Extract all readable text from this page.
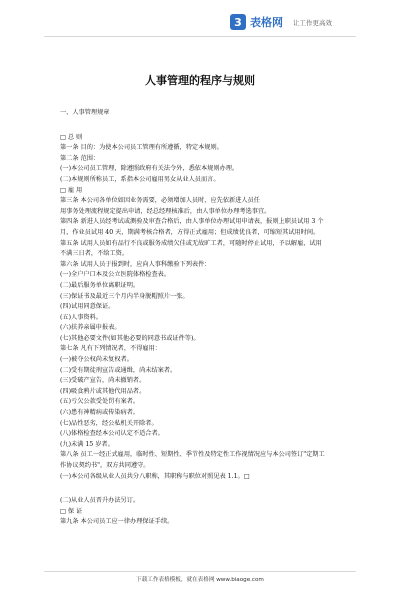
3 表格网 让工作更高效
人事管理的程序与规则

一、人事管理规章

□ 总 则

第一条 目的：为使本公司员工管理有所遵循，特定本规则。

第二条 范围：

(一)本公司员工管理，除遵照政府有关法令外，悉依本规则办理。

(二)本规则所称员工，系指本公司雇用男女从业人员而言。

□ 雇 用

第三条 本公司各单位如因业务需要，必须增加人员时，应先依新进人员任

用事务处理流程规定提出申请，经总经理核准后，由人事单位办理考选事宜。

第四条 新进人员经考试或测验及审查合格后，由人事单位办理试用申请表，报则上职员试用 3 个

月，作业员试用 40 天，期满考核合格者，方得正式雇用；但成绩优良者，可缩短其试用时间。

第五条 试用人员如有品行不良或服务成绩欠佳或无故旷工者，可随时停止试用，予以解雇，试用

不满三日者，不给工资。

第六条 试用人员于报到时，应向人事科缴验下列表件：

(一)全户户口本及公立医院体格检查表。

(二)最后服务单位离职证明。

(三)保证书及最近三个月内半身脱帽照片一张。

(四)试用同意保证。

(五)人事资料。

(六)扶养亲属申报表。

(七)其他必要文件(如其他必要的同意书或证件等)。

第七条 凡有下列情况者，不得雇用：

(一)被夺公权尚未复权者。

(二)受有期徒刑宣告或通缉，尚未结案者。

(三)受破产宣告，尚未撤销者。

(四)吸食鸦片或其他代用品者。

(五)亏欠公款受处罚有案者。

(六)患有神精病或传染病者。

(七)品性恶劣，经公私机关开除者。

(八)体格检查经本公司认定不适合者。

(九)未满 15 岁者。

第八条 员工一经正式雇用，临时性、短期性、季节性及特定性工作视情况应与本公司签订"定期工

作协议契约书"，双方共同遵守。

(一)本公司各级从业人员共分八职称，其职称与职位对照见表 1.1。□

(二)从业人员晋升办法另订。

□ 保 证

第九条 本公司员工应一律办理保证手续。

下载工作表格模板，就在表格网 www.biaoge.com
